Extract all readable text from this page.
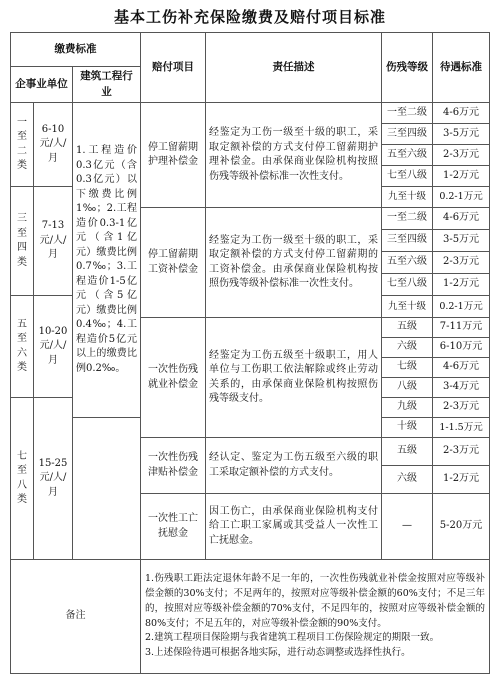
基本工伤补充保险缴费及赔付项目标准
缴费标准			赔付项目	责任描述	伤残等级	待遇标准
企事业单位		建筑工程行业				
一至二类	6-10元/人/月	1.工程造价0.3亿元（含0.3亿元）以下缴费比例1‰；2.工程造价0.3-1亿元（含1亿元）缴费比例0.7‰；3.工程造价1-5亿元（含5亿元）缴费比例0.4‰；4.工程造价5亿元以上的缴费比例0.2‰。	停工留薪期护理补偿金	经鉴定为工伤一级至十级的职工，采取定额补偿的方式支付停工留薪期护理补偿金。由承保商业保险机构按照伤残等级补偿标准一次性支付。	一至二级	4-6万元
					三至四级	3-5万元
					五至六级	2-3万元
					七至八级	1-2万元
三至四类	7-13元/人/月				九至十级	0.2-1万元
			停工留薪期工资补偿金	经鉴定为工伤一级至十级的职工，采取定额补偿的方式支付停工留薪期的工资补偿金。由承保商业保险机构按照伤残等级补偿标准一次性支付。	一至二级	4-6万元
					三至四级	3-5万元
					五至六级	2-3万元
					七至八级	1-2万元
五至六类	10-20元/人/月				九至十级	0.2-1万元
			一次性伤残就业补偿金	经鉴定为工伤五级至十级职工，用人单位与工伤职工依法解除或终止劳动关系的，由承保商业保险机构按照伤残等级支付。	五级	7-11万元
					六级	6-10万元
					七级	4-6万元
					八级	3-4万元
七至八类	15-25元/人/月				九级	2-3万元
					十级	1-1.5万元
			一次性伤残津贴补偿金	经认定、鉴定为工伤五级至六级的职工采取定额补偿的方式支付。	五级	2-3万元
					六级	1-2万元
			一次性工亡抚慰金	因工伤亡，由承保商业保险机构支付给工亡职工家属或其受益人一次性工亡抚慰金。	—	5-20万元
备注			1.伤残职工距法定退休年龄不足一年的，一次性伤残就业补偿金按照对应等级补偿金额的30%支付；不足两年的，按照对应等级补偿金额的60%支付；不足三年的，按照对应等级补偿金额的70%支付，不足四年的，按照对应等级补偿金额的80%支付；不足五年的，对应等级补偿金额的90%支付。
2.建筑工程项目保险期与我省建筑工程项目工伤保险规定的期限一致。
3.上述保险待遇可根据各地实际，进行动态调整或选择性执行。			
